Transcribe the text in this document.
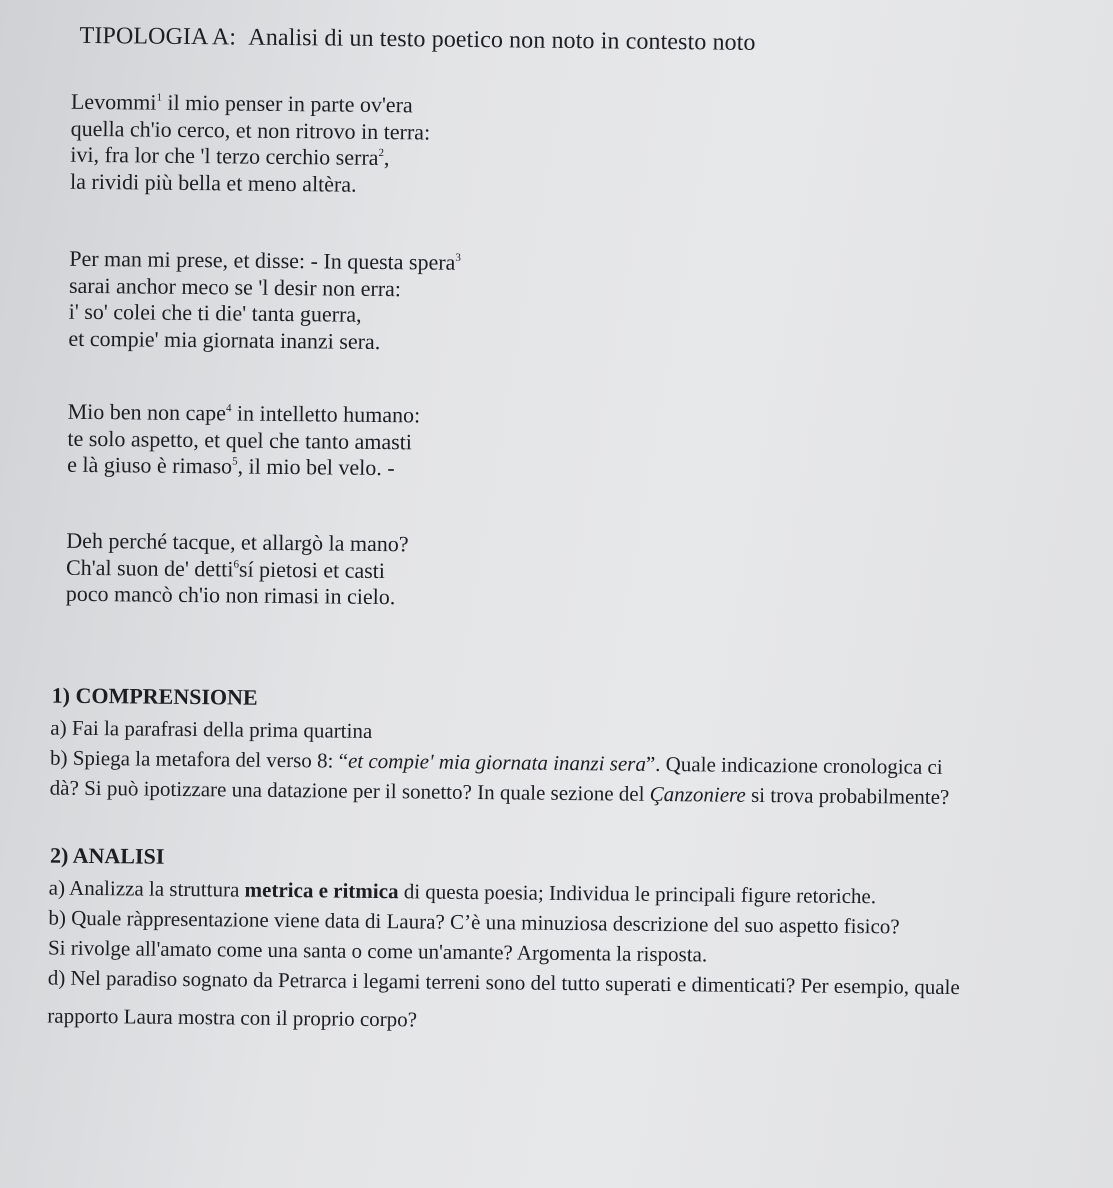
TIPOLOGIA A: Analisi di un testo poetico non noto in contesto noto
Levommi$^1$ il mio penser in parte ov'era
quella ch'io cerco, et non ritrovo in terra:
ivi, fra lor che 'l terzo cerchio serra$^2$,
la rividi più bella et meno altèra.
Per man mi prese, et disse: - In questa spera$^3$
sarai anchor meco se 'l desir non erra:
i' so' colei che ti die' tanta guerra,
et compie' mia giornata inanzi sera.
Mio ben non cape$^4$ in intelletto humano:
te solo aspetto, et quel che tanto amasti
e là giuso è rimaso$^5$, il mio bel velo. -
Deh perché tacque, et allargò la mano?
Ch'al suon de' detti$^6$sí pietosi et casti
poco mancò ch'io non rimasi in cielo.
1) COMPRENSIONE
a) Fai la parafrasi della prima quartina
b) Spiega la metafora del verso 8: “et compie' mia giornata inanzi sera”. Quale indicazione cronologica ci
dà? Si può ipotizzare una datazione per il sonetto? In quale sezione del Çanzoniere si trova probabilmente?
2) ANALISI
a) Analizza la struttura metrica e ritmica di questa poesia; Individua le principali figure retoriche.
b) Quale ràppresentazione viene data di Laura? C’è una minuziosa descrizione del suo aspetto fisico?
Si rivolge all'amato come una santa o come un'amante? Argomenta la risposta.
d) Nel paradiso sognato da Petrarca i legami terreni sono del tutto superati e dimenticati? Per esempio, quale
rapporto Laura mostra con il proprio corpo?
